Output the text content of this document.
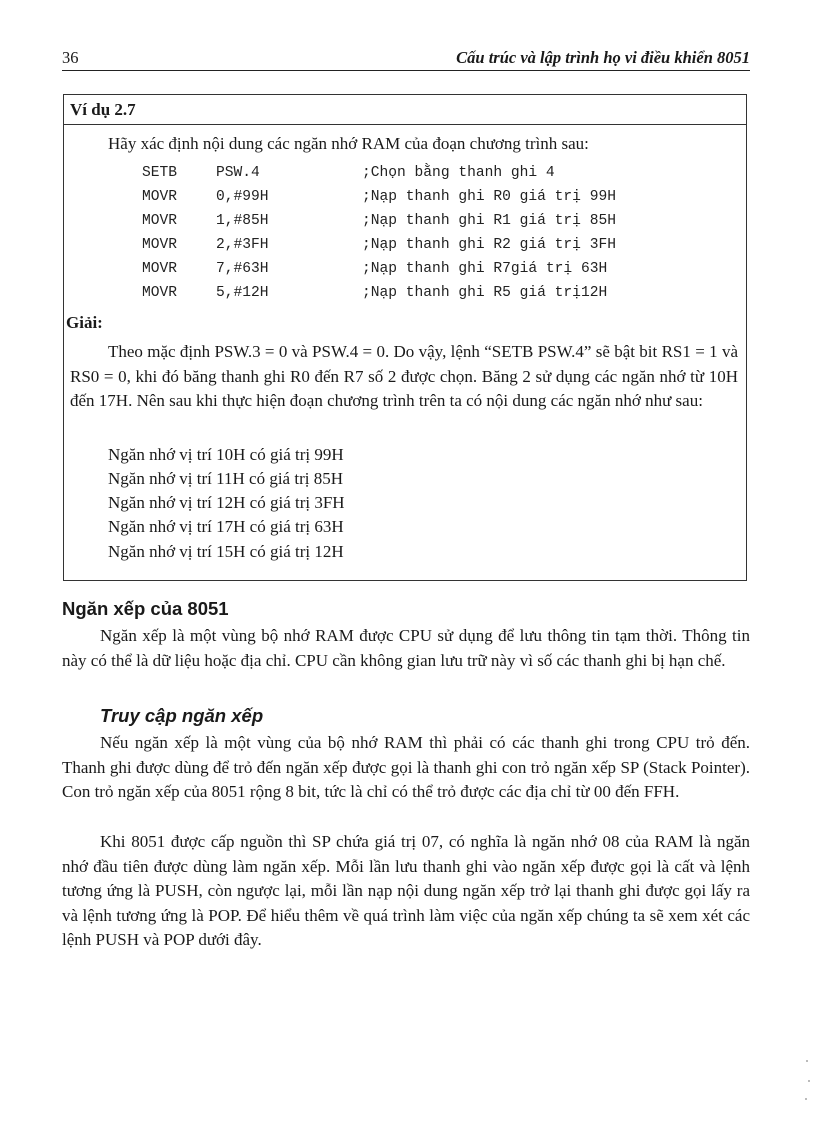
36	Cấu trúc và lập trình họ vi điều khiển 8051
Ví dụ 2.7
Hãy xác định nội dung các ngăn nhớ RAM của đoạn chương trình sau:
SETB	PSW.4	;Chọn bằng thanh ghi 4
MOVR	0,#99H	;Nạp thanh ghi R0 giá trị 99H
MOVR	1,#85H	;Nạp thanh ghi R1 giá trị 85H
MOVR	2,#3FH	;Nạp thanh ghi R2 giá trị 3FH
MOVR	7,#63H	;Nạp thanh ghi R7giá trị 63H
MOVR	5,#12H	;Nạp thanh ghi R5 giá trị12H
Giải:
Theo mặc định PSW.3 = 0 và PSW.4 = 0. Do vậy, lệnh “SETB PSW.4” sẽ bật bit RS1 = 1 và RS0 = 0, khi đó băng thanh ghi R0 đến R7 số 2 được chọn. Băng 2 sử dụng các ngăn nhớ từ 10H đến 17H. Nên sau khi thực hiện đoạn chương trình trên ta có nội dung các ngăn nhớ như sau:
Ngăn nhớ vị trí 10H có giá trị 99H
Ngăn nhớ vị trí 11H có giá trị 85H
Ngăn nhớ vị trí 12H có giá trị 3FH
Ngăn nhớ vị trí 17H có giá trị 63H
Ngăn nhớ vị trí 15H có giá trị 12H
Ngăn xếp của 8051
Ngăn xếp là một vùng bộ nhớ RAM được CPU sử dụng để lưu thông tin tạm thời. Thông tin này có thể là dữ liệu hoặc địa chỉ. CPU cần không gian lưu trữ này vì số các thanh ghi bị hạn chế.
Truy cập ngăn xếp
Nếu ngăn xếp là một vùng của bộ nhớ RAM thì phải có các thanh ghi trong CPU trỏ đến. Thanh ghi được dùng để trỏ đến ngăn xếp được gọi là thanh ghi con trỏ ngăn xếp SP (Stack Pointer). Con trỏ ngăn xếp của 8051 rộng 8 bit, tức là chỉ có thể trỏ được các địa chỉ từ 00 đến FFH.
Khi 8051 được cấp nguồn thì SP chứa giá trị 07, có nghĩa là ngăn nhớ 08 của RAM là ngăn nhớ đầu tiên được dùng làm ngăn xếp. Mỗi lần lưu thanh ghi vào ngăn xếp được gọi là cất và lệnh tương ứng là PUSH, còn ngược lại, mỗi lần nạp nội dung ngăn xếp trở lại thanh ghi được gọi lấy ra và lệnh tương ứng là POP. Để hiểu thêm về quá trình làm việc của ngăn xếp chúng ta sẽ xem xét các lệnh PUSH và POP dưới đây.
